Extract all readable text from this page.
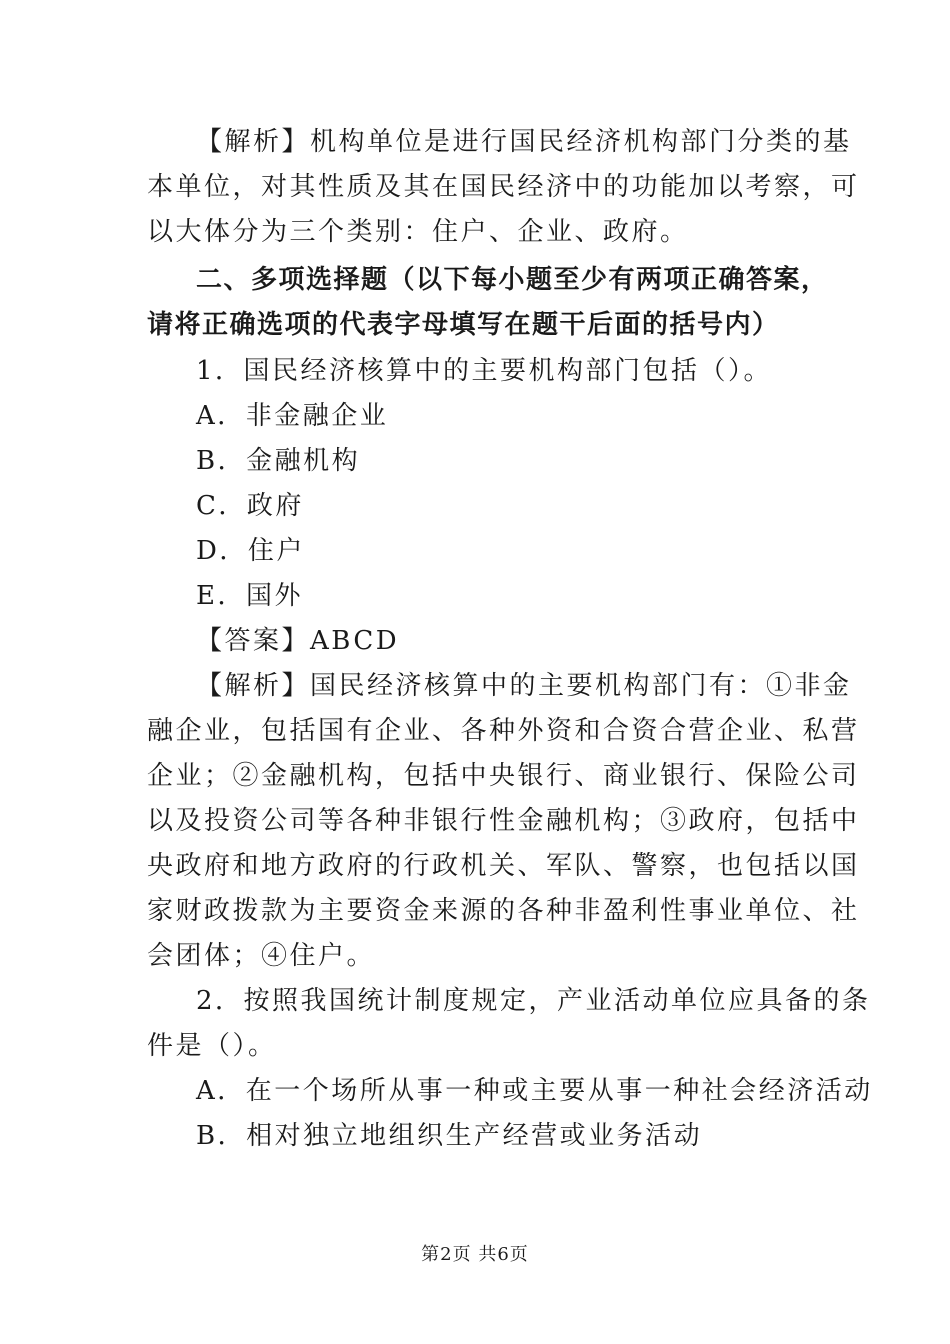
【解析】机构单位是进行国民经济机构部门分类的基
本单位，对其性质及其在国民经济中的功能加以考察，可
以大体分为三个类别：住户、企业、政府。
二、多项选择题（以下每小题至少有两项正确答案，
请将正确选项的代表字母填写在题干后面的括号内）
1．国民经济核算中的主要机构部门包括（）。
A．非金融企业
B．金融机构
C．政府
D．住户
E．国外
【答案】ABCD
【解析】国民经济核算中的主要机构部门有：①非金
融企业，包括国有企业、各种外资和合资合营企业、私营
企业；②金融机构，包括中央银行、商业银行、保险公司
以及投资公司等各种非银行性金融机构；③政府，包括中
央政府和地方政府的行政机关、军队、警察，也包括以国
家财政拨款为主要资金来源的各种非盈利性事业单位、社
会团体；④住户。
2．按照我国统计制度规定，产业活动单位应具备的条
件是（）。
A．在一个场所从事一种或主要从事一种社会经济活动
B．相对独立地组织生产经营或业务活动
第2页 共6页
